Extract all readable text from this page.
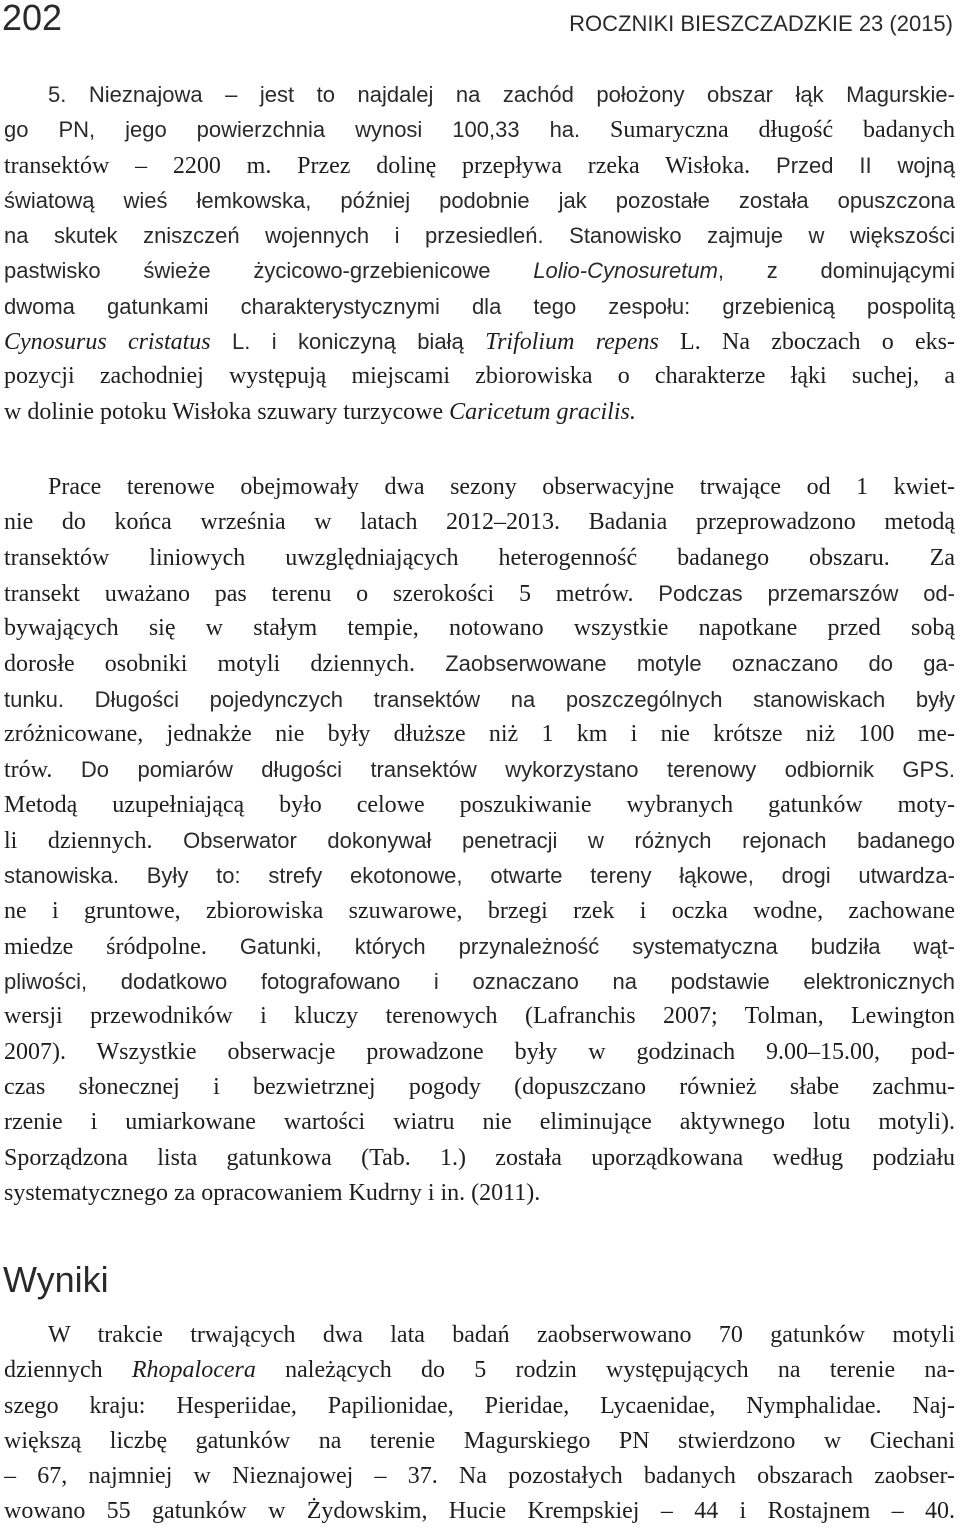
202	ROCZNIKI BIESZCZADZKIE 23 (2015)
5. Nieznajowa – jest to najdalej na zachód położony obszar łąk Magurskie-
go PN, jego powierzchnia wynosi 100,33 ha. Sumaryczna długość badanych
transektów – 2200 m. Przez dolinę przepływa rzeka Wisłoka. Przed II wojną
światową wieś łemkowska, później podobnie jak pozostałe została opuszczona
na skutek zniszczeń wojennych i przesiedleń. Stanowisko zajmuje w większości
pastwisko świeże życicowo-grzebienicowe Lolio-Cynosuretum, z dominującymi
dwoma gatunkami charakterystycznymi dla tego zespołu: grzebienicą pospolitą
Cynosurus cristatus L. i koniczyną białą Trifolium repens L. Na zboczach o eks-
pozycji zachodniej występują miejscami zbiorowiska o charakterze łąki suchej, a
w dolinie potoku Wisłoka szuwary turzycowe Caricetum gracilis.
Prace terenowe obejmowały dwa sezony obserwacyjne trwające od 1 kwiet-
nie do końca września w latach 2012–2013. Badania przeprowadzono metodą
transektów liniowych uwzględniających heterogenność badanego obszaru. Za
transekt uważano pas terenu o szerokości 5 metrów. Podczas przemarszów od-
bywających się w stałym tempie, notowano wszystkie napotkane przed sobą
dorosłe osobniki motyli dziennych. Zaobserwowane motyle oznaczano do ga-
tunku. Długości pojedynczych transektów na poszczególnych stanowiskach były
zróżnicowane, jednakże nie były dłuższe niż 1 km i nie krótsze niż 100 me-
trów. Do pomiarów długości transektów wykorzystano terenowy odbiornik GPS.
Metodą uzupełniającą było celowe poszukiwanie wybranych gatunków moty-
li dziennych. Obserwator dokonywał penetracji w różnych rejonach badanego
stanowiska. Były to: strefy ekotonowe, otwarte tereny łąkowe, drogi utwardza-
ne i gruntowe, zbiorowiska szuwarowe, brzegi rzek i oczka wodne, zachowane
miedze śródpolne. Gatunki, których przynależność systematyczna budziła wąt-
pliwości, dodatkowo fotografowano i oznaczano na podstawie elektronicznych
wersji przewodników i kluczy terenowych (Lafranchis 2007; Tolman, Lewington
2007). Wszystkie obserwacje prowadzone były w godzinach 9.00–15.00, pod-
czas słonecznej i bezwietrznej pogody (dopuszczano również słabe zachmu-
rzenie i umiarkowane wartości wiatru nie eliminujące aktywnego lotu motyli).
Sporządzona lista gatunkowa (Tab. 1.) została uporządkowana według podziału
systematycznego za opracowaniem Kudrny i in. (2011).
Wyniki
W trakcie trwających dwa lata badań zaobserwowano 70 gatunków motyli
dziennych Rhopalocera należących do 5 rodzin występujących na terenie na-
szego kraju: Hesperiidae, Papilionidae, Pieridae, Lycaenidae, Nymphalidae. Naj-
większą liczbę gatunków na terenie Magurskiego PN stwierdzono w Ciechani
– 67, najmniej w Nieznajowej – 37. Na pozostałych badanych obszarach zaobser-
wowano 55 gatunków w Żydowskim, Hucie Krempskiej – 44 i Rostajnem – 40.
